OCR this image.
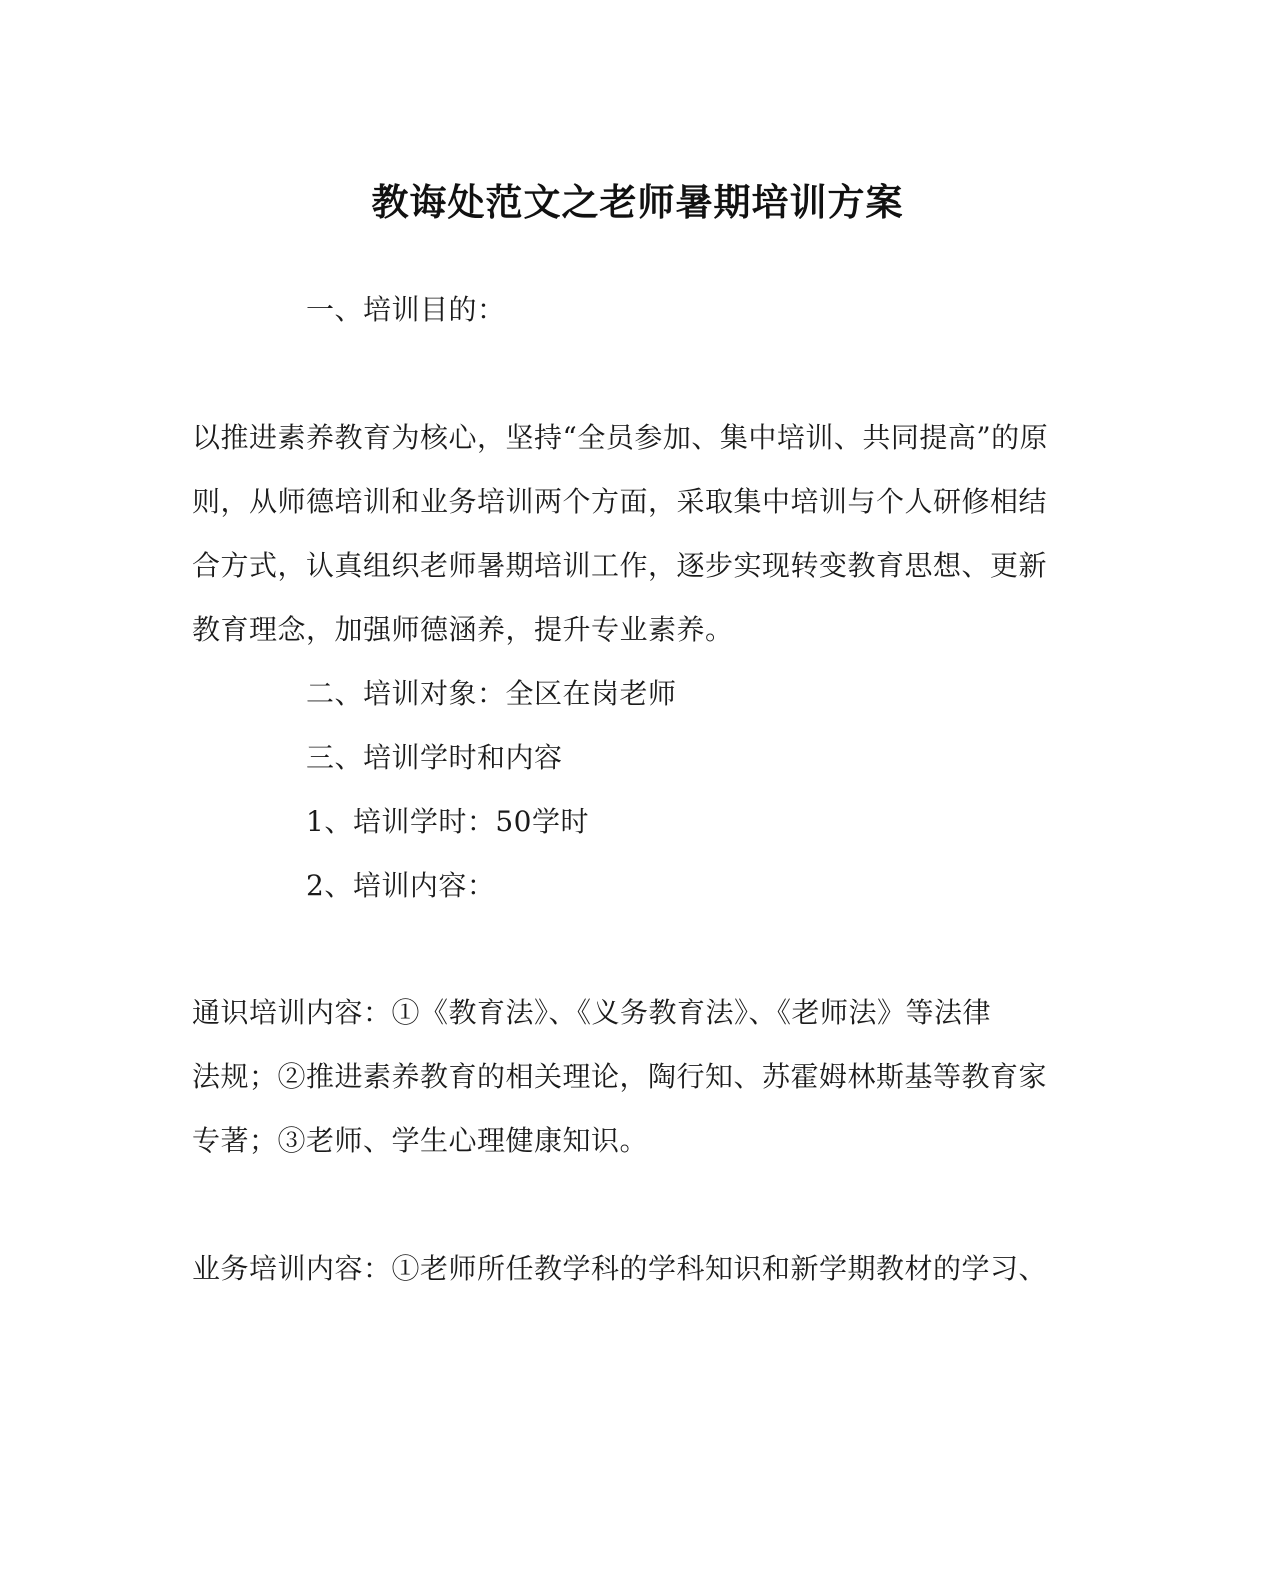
教诲处范文之老师暑期培训方案
一、培训目的：
以推进素养教育为核心，坚持“全员参加、集中培训、共同提高”的原
则，从师德培训和业务培训两个方面，采取集中培训与个人研修相结
合方式，认真组织老师暑期培训工作，逐步实现转变教育思想、更新
教育理念，加强师德涵养，提升专业素养。
二、培训对象：全区在岗老师
三、培训学时和内容
1、培训学时：50学时
2、培训内容：
通识培训内容：①《教育法》、《义务教育法》、《老师法》等法律
法规；②推进素养教育的相关理论，陶行知、苏霍姆林斯基等教育家
专著；③老师、学生心理健康知识。
业务培训内容：①老师所任教学科的学科知识和新学期教材的学习、
